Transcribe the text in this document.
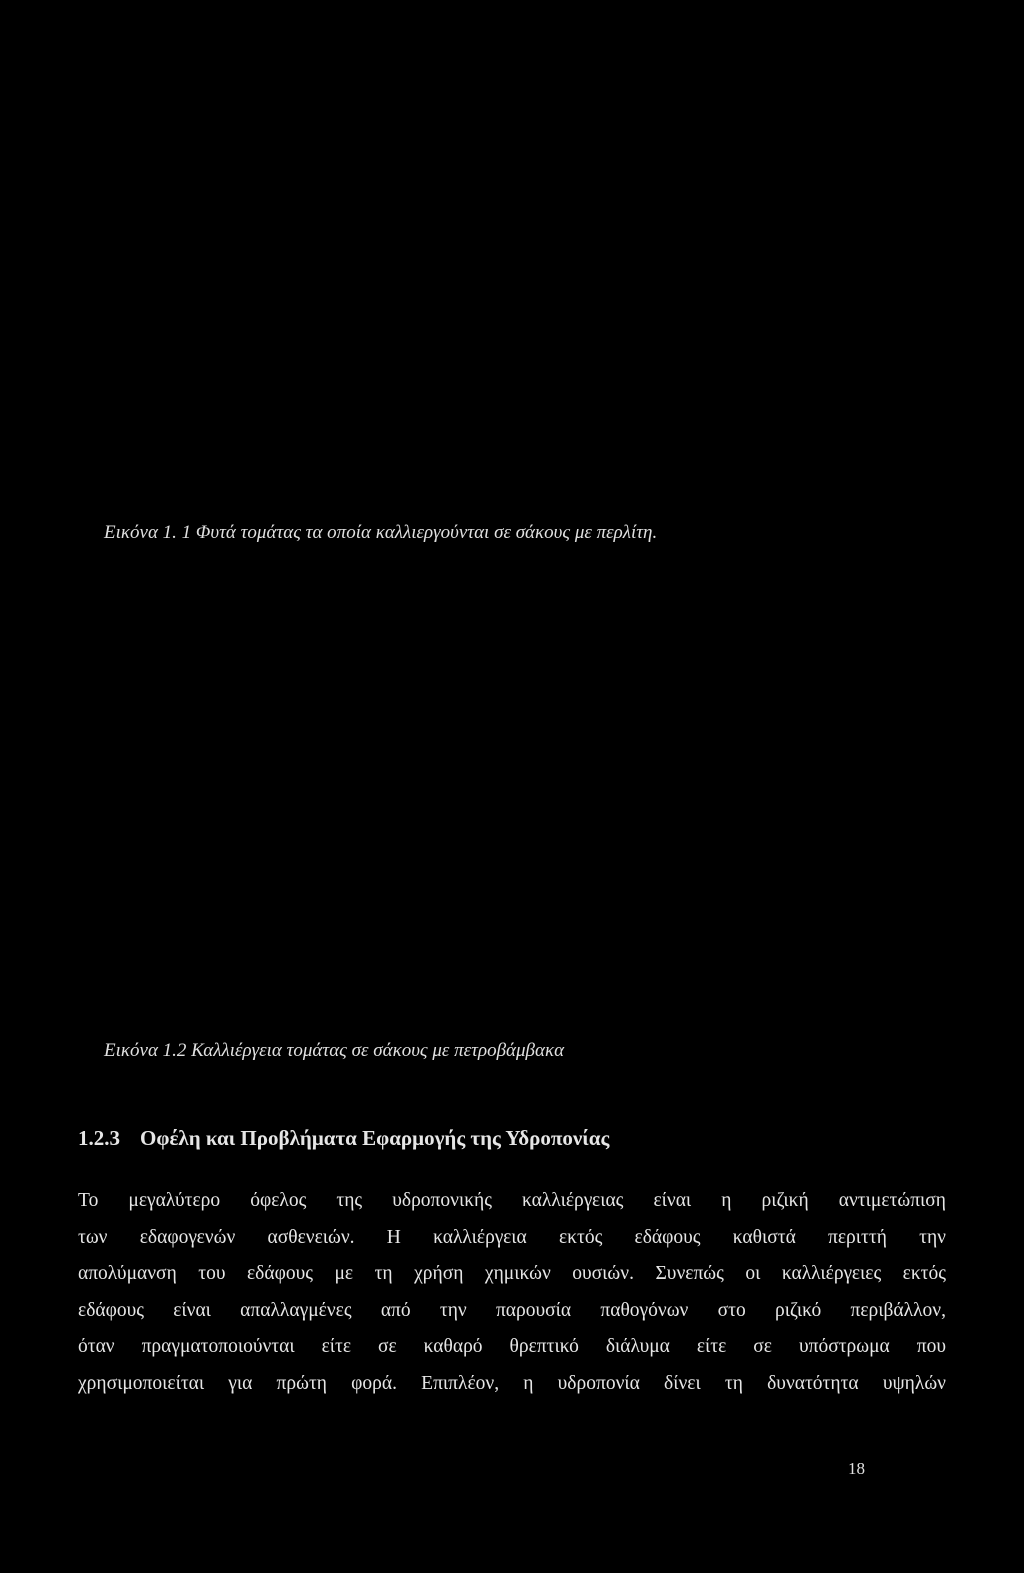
Εικόνα 1. 1 Φυτά τομάτας τα οποία καλλιεργούνται σε σάκους με περλίτη.
Εικόνα 1.2 Καλλιέργεια τομάτας σε σάκους με πετροβάμβακα
1.2.3 Οφέλη και Προβλήματα Εφαρμογής της Υδροπονίας
Το μεγαλύτερο όφελος της υδροπονικής καλλιέργειας είναι η ριζική αντιμετώπιση
των εδαφογενών ασθενειών. Η καλλιέργεια εκτός εδάφους καθιστά περιττή την
απολύμανση του εδάφους με τη χρήση χημικών ουσιών. Συνεπώς οι καλλιέργειες εκτός
εδάφους είναι απαλλαγμένες από την παρουσία παθογόνων στο ριζικό περιβάλλον,
όταν πραγματοποιούνται είτε σε καθαρό θρεπτικό διάλυμα είτε σε υπόστρωμα που
χρησιμοποιείται για πρώτη φορά. Επιπλέον, η υδροπονία δίνει τη δυνατότητα υψηλών
18
